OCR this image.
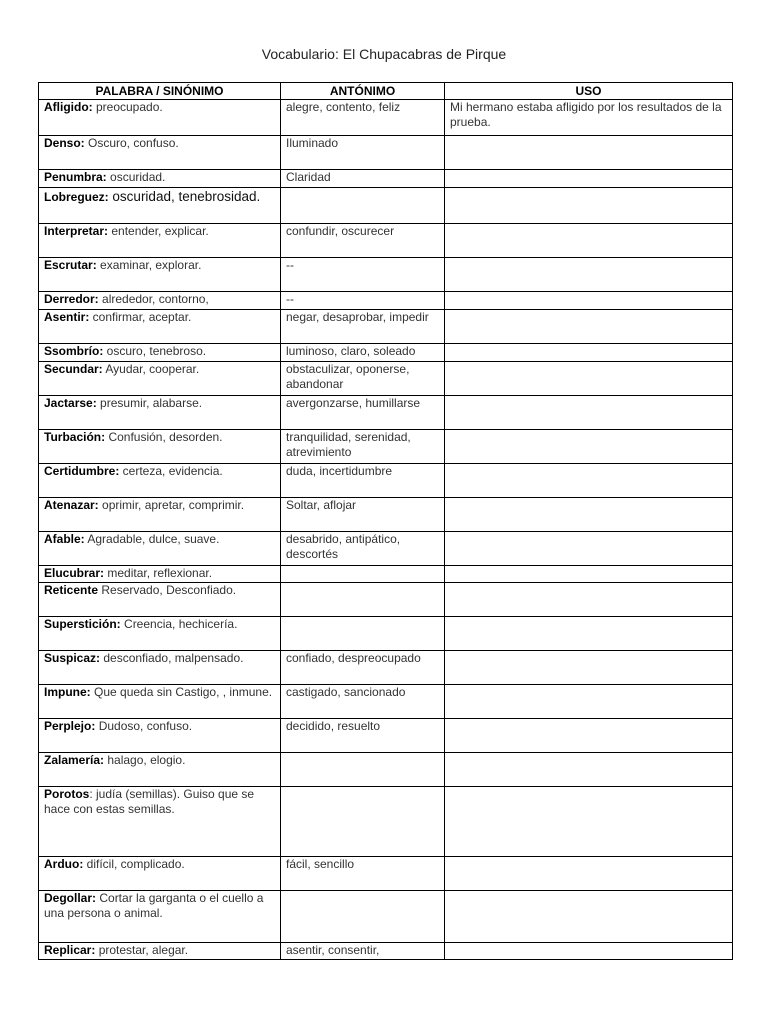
Vocabulario: El Chupacabras de Pirque
PALABRA / SINÓNIMO	ANTÓNIMO	USO
Afligido: preocupado.	alegre, contento, feliz	Mi hermano estaba afligido por los resultados de la prueba.
Denso: Oscuro, confuso.	Iluminado	
Penumbra: oscuridad.	Claridad	
Lobreguez: oscuridad, tenebrosidad.		
Interpretar: entender, explicar.	confundir, oscurecer	
Escrutar: examinar, explorar.	--	
Derredor: alrededor, contorno,	--	
Asentir: confirmar, aceptar.	negar, desaprobar, impedir	
Ssombrío: oscuro, tenebroso.	luminoso, claro, soleado	
Secundar: Ayudar, cooperar.	obstaculizar, oponerse, abandonar	
Jactarse: presumir, alabarse.	avergonzarse, humillarse	
Turbación: Confusión, desorden.	tranquilidad, serenidad, atrevimiento	
Certidumbre: certeza, evidencia.	duda, incertidumbre	
Atenazar: oprimir, apretar, comprimir.	Soltar, aflojar	
Afable: Agradable, dulce, suave.	desabrido, antipático, descortés	
Elucubrar: meditar, reflexionar.		
Reticente Reservado, Desconfiado.		
Superstición: Creencia, hechicería.		
Suspicaz: desconfiado, malpensado.	confiado, despreocupado	
Impune: Que queda sin Castigo, , inmune.	castigado, sancionado	
Perplejo: Dudoso, confuso.	decidido, resuelto	
Zalamería: halago, elogio.		
Porotos: judía (semillas). Guiso que se hace con estas semillas.		
Arduo: difícil, complicado.	fácil, sencillo	
Degollar: Cortar la garganta o el cuello a una persona o animal.		
Replicar: protestar, alegar.	asentir, consentir,	
